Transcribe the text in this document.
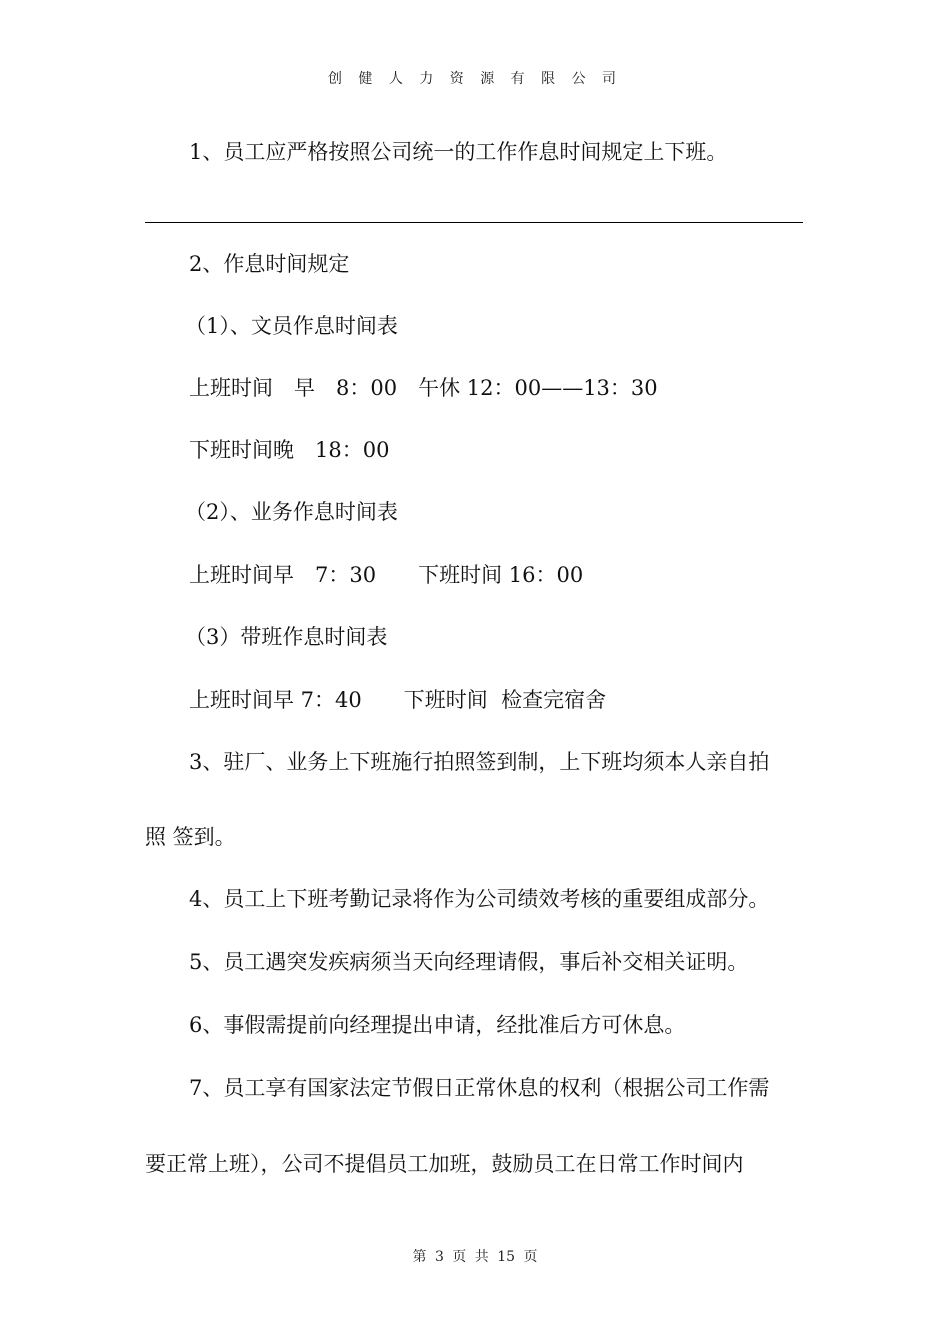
创 健 人 力 资 源 有 限 公 司
1、员工应严格按照公司统一的工作作息时间规定上下班。
2、作息时间规定
（1）、文员作息时间表
上班时间　早　8：00　午休 12：00——13：30
下班时间晚　18：00
（2）、业务作息时间表
上班时间早　7：30　　下班时间 16：00
（3）带班作息时间表
上班时间早 7：40　　下班时间  检查完宿舍
3、驻厂、业务上下班施行拍照签到制，上下班均须本人亲自拍
照 签到。
4、员工上下班考勤记录将作为公司绩效考核的重要组成部分。
5、员工遇突发疾病须当天向经理请假，事后补交相关证明。
6、事假需提前向经理提出申请，经批准后方可休息。
7、员工享有国家法定节假日正常休息的权利（根据公司工作需
要正常上班），公司不提倡员工加班，鼓励员工在日常工作时间内
第 3 页 共 15 页
